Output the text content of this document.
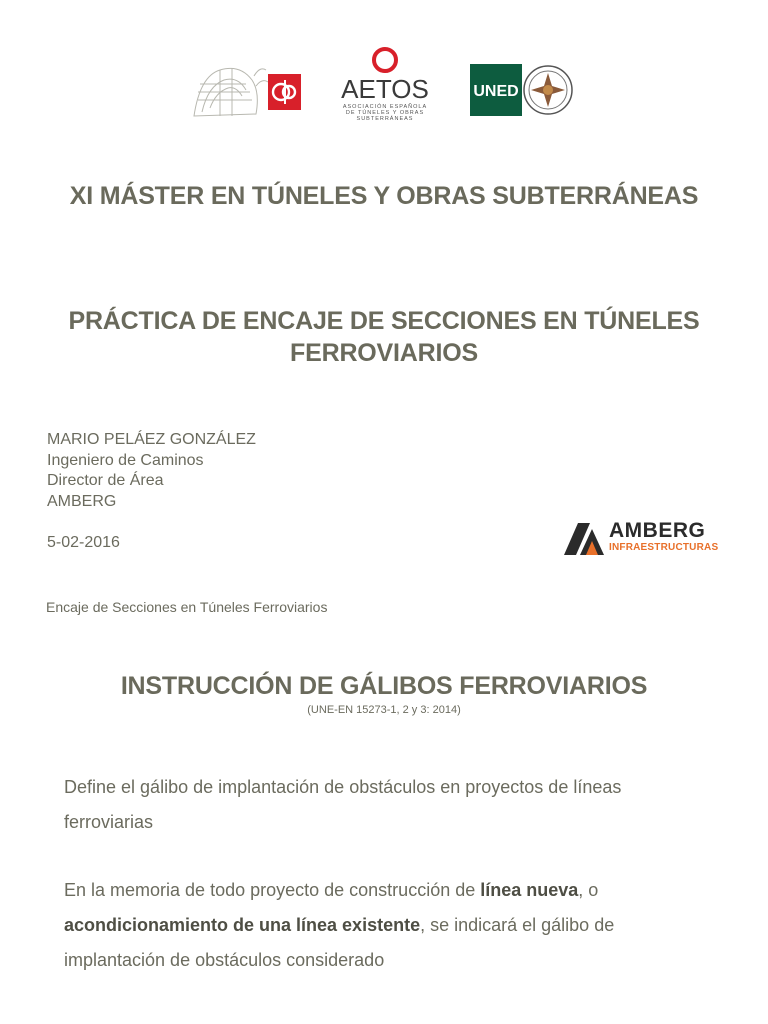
AETOS
ASOCIACIÓN ESPAÑOLA
DE TÚNELES Y OBRAS
SUBTERRÁNEAS
UNED
XI MÁSTER EN TÚNELES Y OBRAS SUBTERRÁNEAS
PRÁCTICA DE ENCAJE DE SECCIONES EN TÚNELES
FERROVIARIOS
MARIO PELÁEZ GONZÁLEZ
Ingeniero de Caminos
Director de Área
AMBERG
5-02-2016
AMBERG
INFRAESTRUCTURAS
Encaje de Secciones en Túneles Ferroviarios
INSTRUCCIÓN DE GÁLIBOS FERROVIARIOS
(UNE-EN 15273-1, 2 y 3: 2014)
Define el gálibo de implantación de obstáculos en proyectos de líneas ferroviarias
En la memoria de todo proyecto de construcción de línea nueva, o acondicionamiento de una línea existente, se indicará el gálibo de implantación de obstáculos considerado
